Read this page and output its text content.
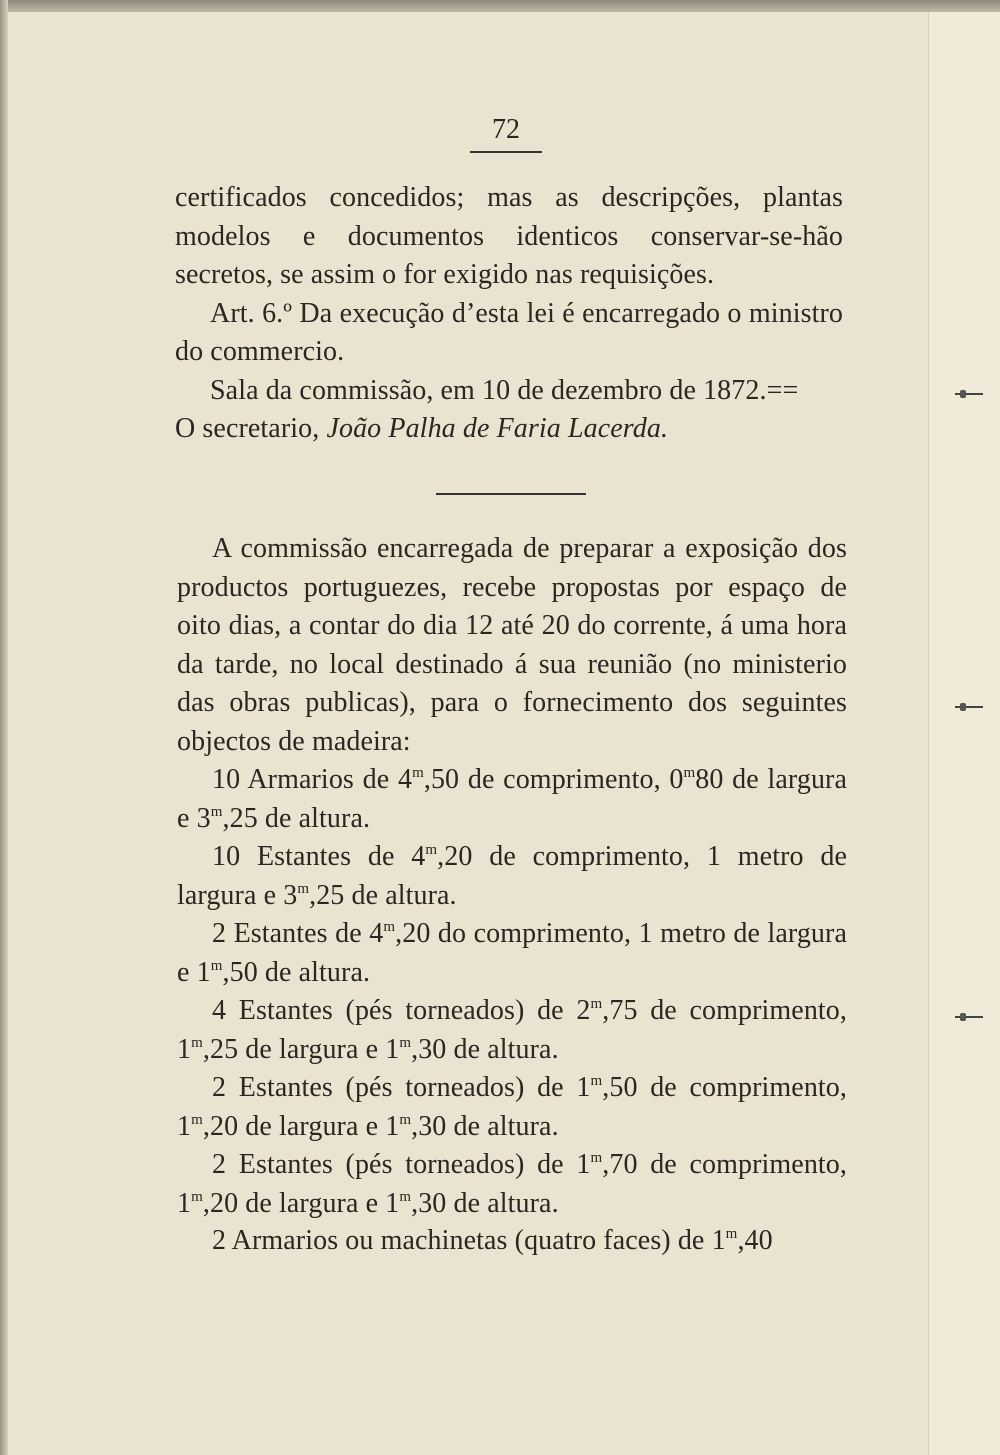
72

certificados concedidos; mas as descripções, plantas modelos e documentos identicos conservar-se-hão secretos, se assim o for exigido nas requisições.

Art. 6.º Da execução d’esta lei é encarregado o ministro do commercio.

Sala da commissão, em 10 de dezembro de 1872.==

O secretario, João Palha de Faria Lacerda.

A commissão encarregada de preparar a exposição dos productos portuguezes, recebe propostas por espaço de oito dias, a contar do dia 12 até 20 do corrente, á uma hora da tarde, no local destinado á sua reunião (no ministerio das obras publicas), para o fornecimento dos seguintes objectos de madeira:

10 Armarios de 4$^m$,50 de comprimento, 0$^m$80 de largura e 3$^m$,25 de altura.

10 Estantes de 4$^m$,20 de comprimento, 1 metro de largura e 3$^m$,25 de altura.

2 Estantes de 4$^m$,20 do comprimento, 1 metro de largura e 1$^m$,50 de altura.

4 Estantes (pés torneados) de 2$^m$,75 de comprimento, 1$^m$,25 de largura e 1$^m$,30 de altura.

2 Estantes (pés torneados) de 1$^m$,50 de comprimento, 1$^m$,20 de largura e 1$^m$,30 de altura.

2 Estantes (pés torneados) de 1$^m$,70 de comprimento, 1$^m$,20 de largura e 1$^m$,30 de altura.

2 Armarios ou machinetas (quatro faces) de 1$^m$,40
